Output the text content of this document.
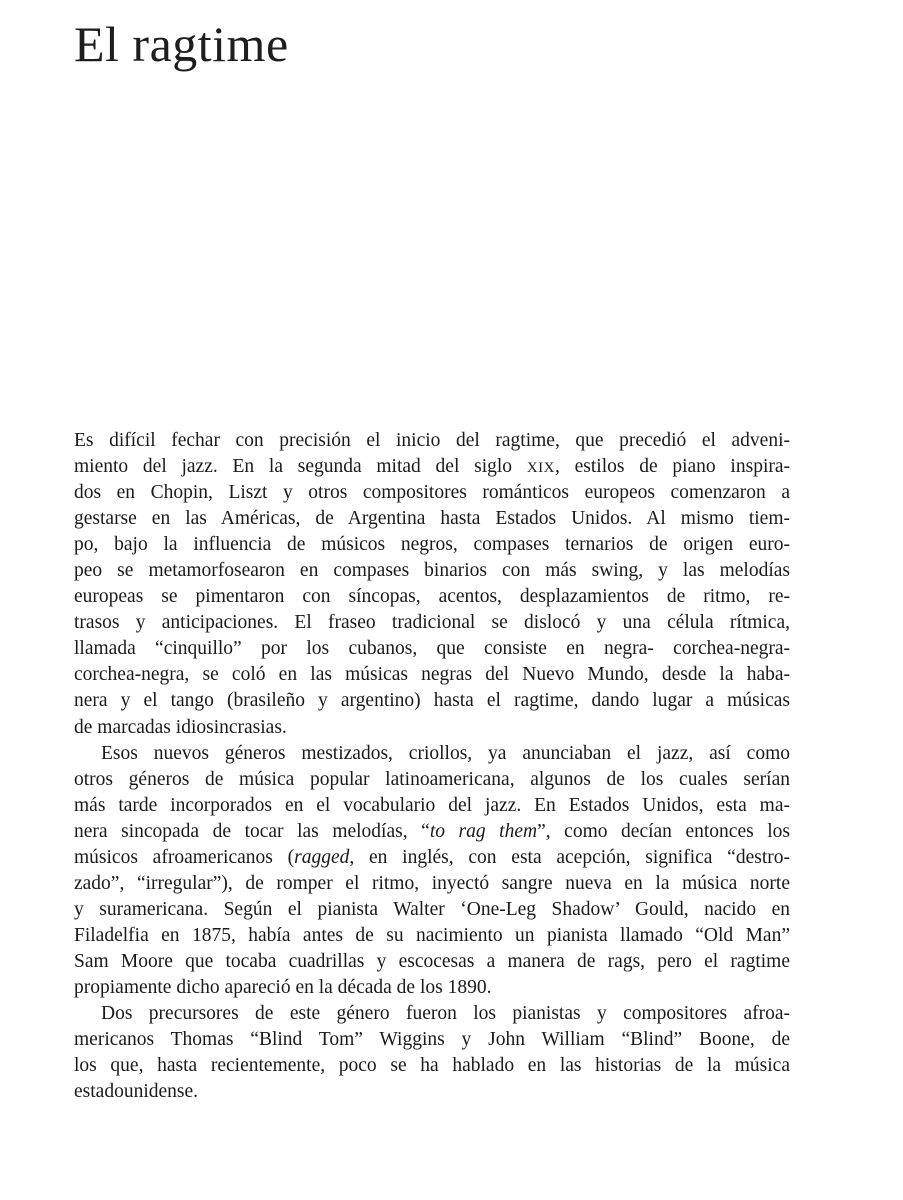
El ragtime
Es difícil fechar con precisión el inicio del ragtime, que precedió el adveni-
miento del jazz. En la segunda mitad del siglo XIX, estilos de piano inspira-
dos en Chopin, Liszt y otros compositores románticos europeos comenzaron a
gestarse en las Américas, de Argentina hasta Estados Unidos. Al mismo tiem-
po, bajo la influencia de músicos negros, compases ternarios de origen euro-
peo se metamorfosearon en compases binarios con más swing, y las melodías
europeas se pimentaron con síncopas, acentos, desplazamientos de ritmo, re-
trasos y anticipaciones. El fraseo tradicional se dislocó y una célula rítmica,
llamada “cinquillo” por los cubanos, que consiste en negra- corchea-negra-
corchea-negra, se coló en las músicas negras del Nuevo Mundo, desde la haba-
nera y el tango (brasileño y argentino) hasta el ragtime, dando lugar a músicas
de marcadas idiosincrasias.
Esos nuevos géneros mestizados, criollos, ya anunciaban el jazz, así como
otros géneros de música popular latinoamericana, algunos de los cuales serían
más tarde incorporados en el vocabulario del jazz. En Estados Unidos, esta ma-
nera sincopada de tocar las melodías, “to rag them”, como decían entonces los
músicos afroamericanos (ragged, en inglés, con esta acepción, significa “destro-
zado”, “irregular”), de romper el ritmo, inyectó sangre nueva en la música norte
y suramericana. Según el pianista Walter ‘One-Leg Shadow’ Gould, nacido en
Filadelfia en 1875, había antes de su nacimiento un pianista llamado “Old Man”
Sam Moore que tocaba cuadrillas y escocesas a manera de rags, pero el ragtime
propiamente dicho apareció en la década de los 1890.
Dos precursores de este género fueron los pianistas y compositores afroa-
mericanos Thomas “Blind Tom” Wiggins y John William “Blind” Boone, de
los que, hasta recientemente, poco se ha hablado en las historias de la música
estadounidense.
